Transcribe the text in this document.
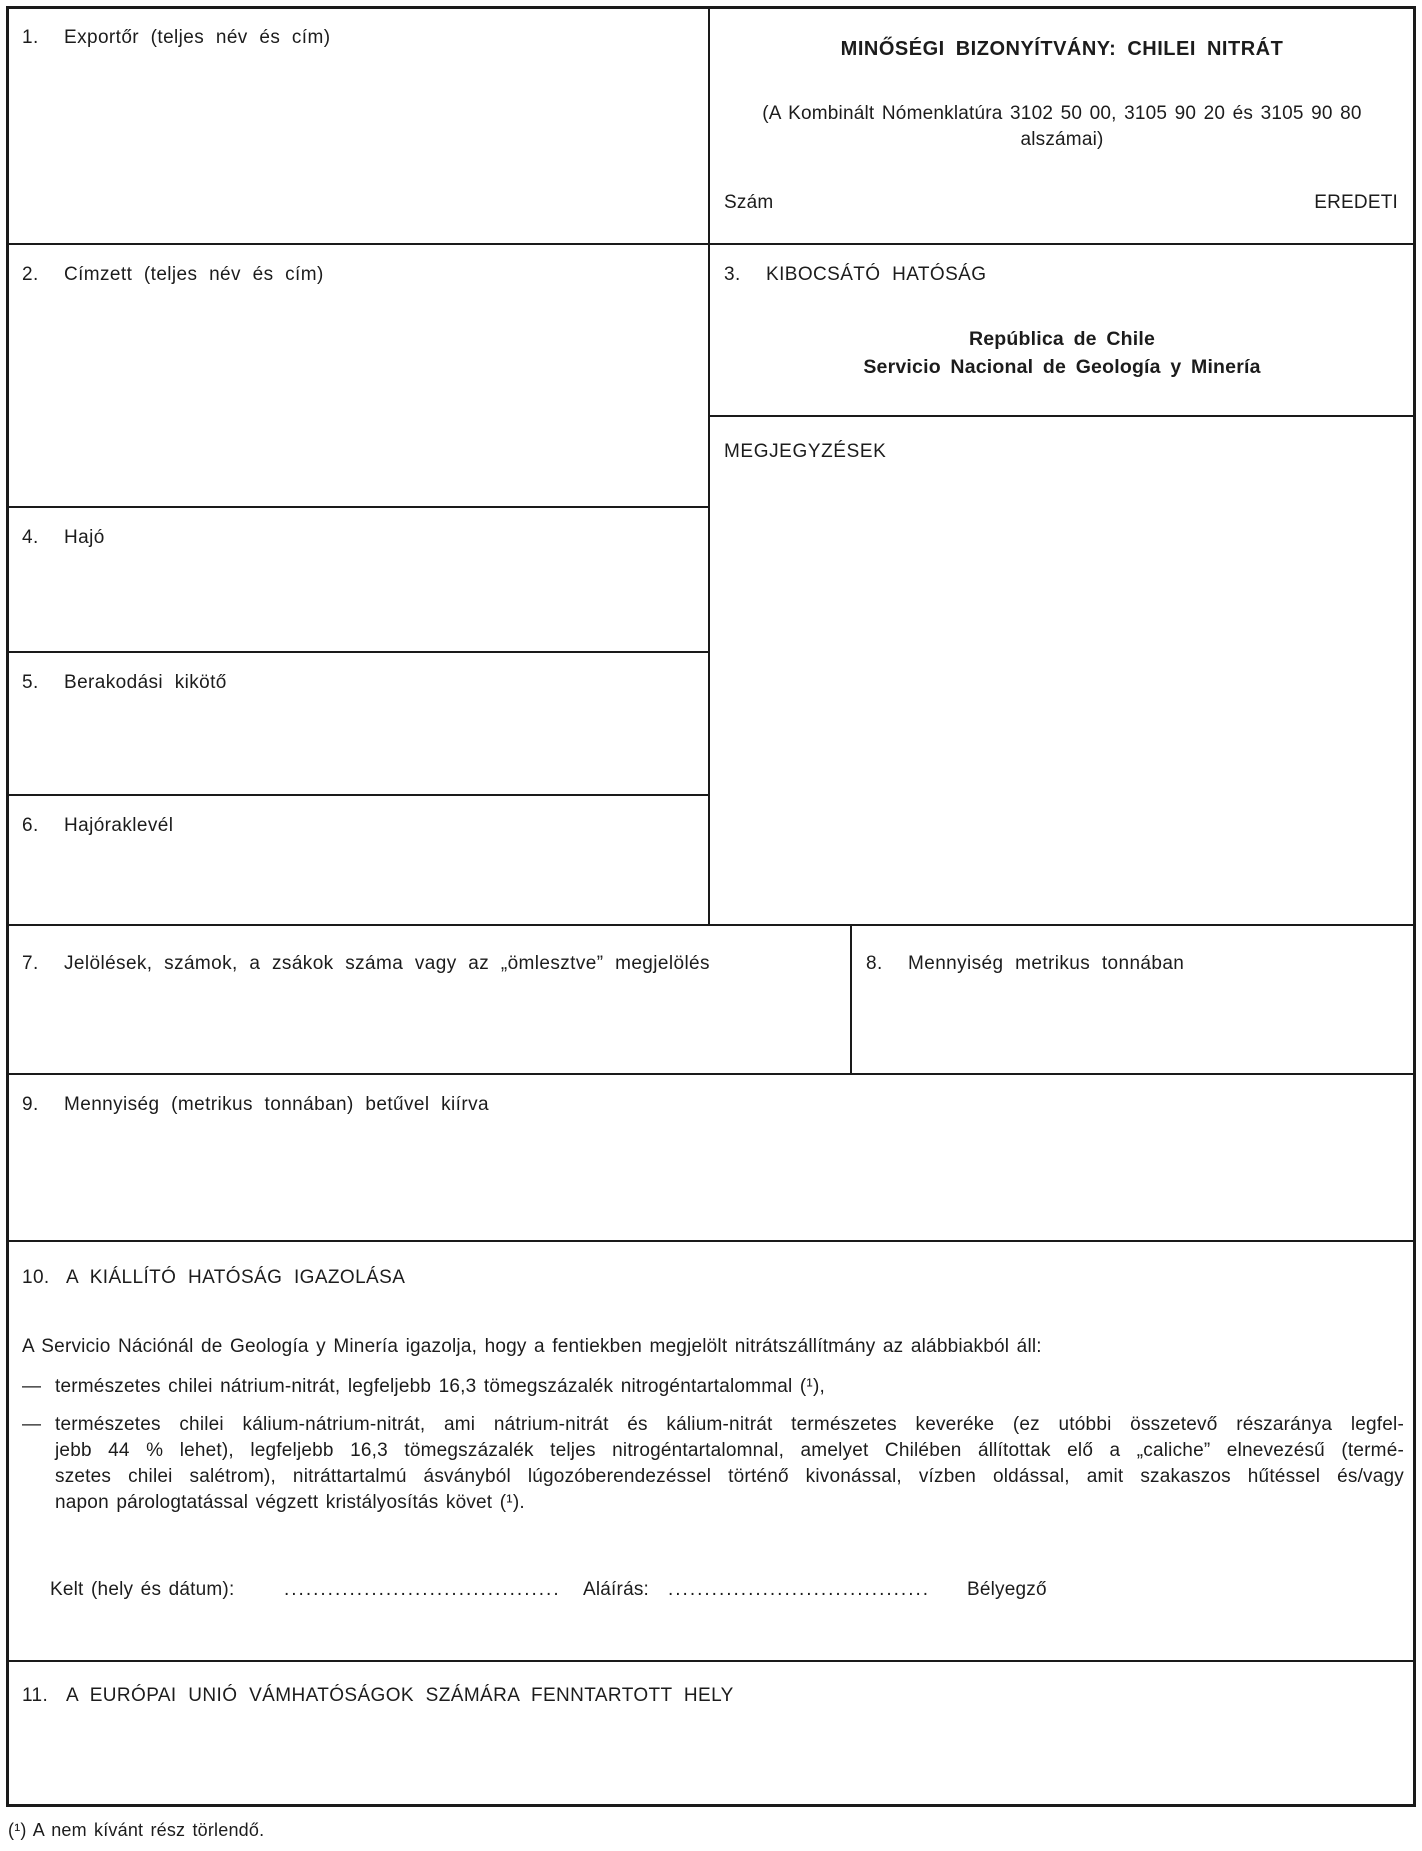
1.	Exportőr (teljes név és cím)
MINŐSÉGI BIZONYÍTVÁNY: CHILEI NITRÁT
(A Kombinált Nómenklatúra 3102 50 00, 3105 90 20 és 3105 90 80 alszámai)
Szám	EREDETI
2.	Címzett (teljes név és cím)	3.	KIBOCSÁTÓ HATÓSÁG
República de Chile
Servicio Nacional de Geología y Minería
MEGJEGYZÉSEK
4.	Hajó
5.	Berakodási kikötő
6.	Hajóraklevél
7.	Jelölések, számok, a zsákok száma vagy az „ömlesztve” megjelölés	8.	Mennyiség metrikus tonnában
9.	Mennyiség (metrikus tonnában) betűvel kiírva
10. A KIÁLLÍTÓ HATÓSÁG IGAZOLÁSA
A Servicio Nációnál de Geología y Minería igazolja, hogy a fentiekben megjelölt nitrátszállítmány az alábbiakból áll:
— természetes chilei nátrium-nitrát, legfeljebb 16,3 tömegszázalék nitrogéntartalommal (¹),
— természetes chilei kálium-nátrium-nitrát, ami nátrium-nitrát és kálium-nitrát természetes keveréke (ez utóbbi összetevő részaránya legfel-
jebb 44 % lehet), legfeljebb 16,3 tömegszázalék teljes nitrogéntartalomnal, amelyet Chilében állítottak elő a „caliche” elnevezésű (termé-
szetes chilei salétrom), nitráttartalmú ásványból lúgozóberendezéssel történő kivonással, vízben oldással, amit szakaszos hűtéssel és/vagy
napon párologtatással végzett kristályosítás követ (¹).
Kelt (hely és dátum):	...................................... Aláírás: .................................... Bélyegző
11. A EURÓPAI UNIÓ VÁMHATÓSÁGOK SZÁMÁRA FENNTARTOTT HELY
(¹) A nem kívánt rész törlendő.
